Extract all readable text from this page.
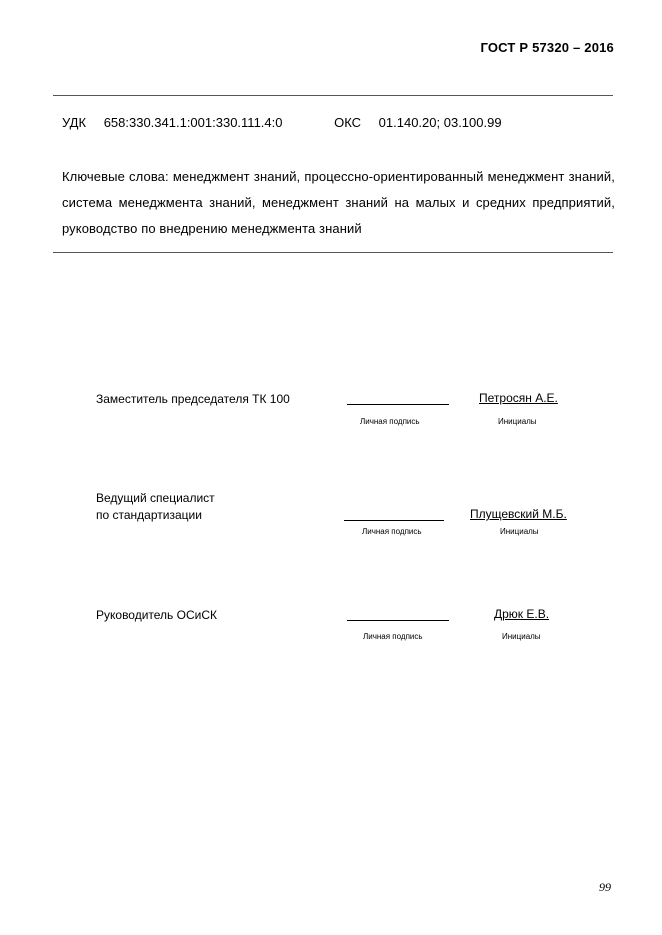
ГОСТ Р 57320 – 2016
УДК 658:330.341.1:001:330.111.4:0	ОКС 01.140.20; 03.100.99
Ключевые слова: менеджмент знаний, процессно-ориентированный менеджмент знаний, система менеджмента знаний, менеджмент знаний на малых и средних предприятий, руководство по внедрению менеджмента знаний
Заместитель председателя ТК 100
Личная подпись
Петросян А.Е.
Инициалы
Ведущий специалист
по стандартизации
Личная подпись
Плущевский М.Б.
Инициалы
Руководитель ОСиСК
Личная подпись
Дрюк Е.В.
Инициалы
99
